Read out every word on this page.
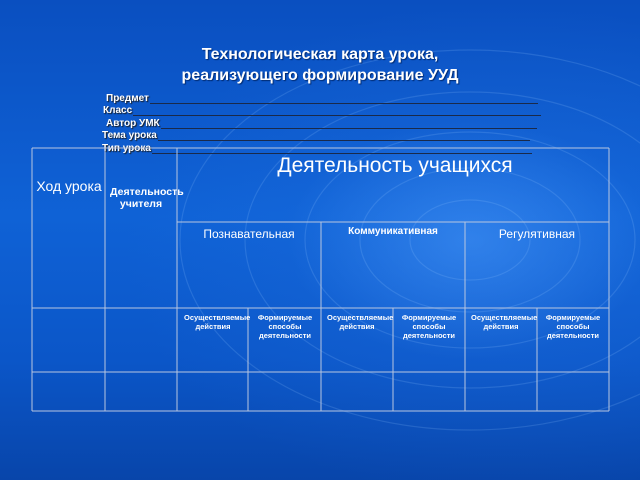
Технологическая карта урока,
реализующего формирование УУД
Предмет
Класс
Автор УМК
Тема урока
Тип урока
Ход урока Деятельность учителя
Деятельность учащихся
Познавательная	Коммуникативная	Регулятивная
Осуществляемые действия
Формируемые способы деятельности
Осуществляемые действия
Формируемые способы деятельности
Осуществляемые действия
Формируемые способы деятельности
